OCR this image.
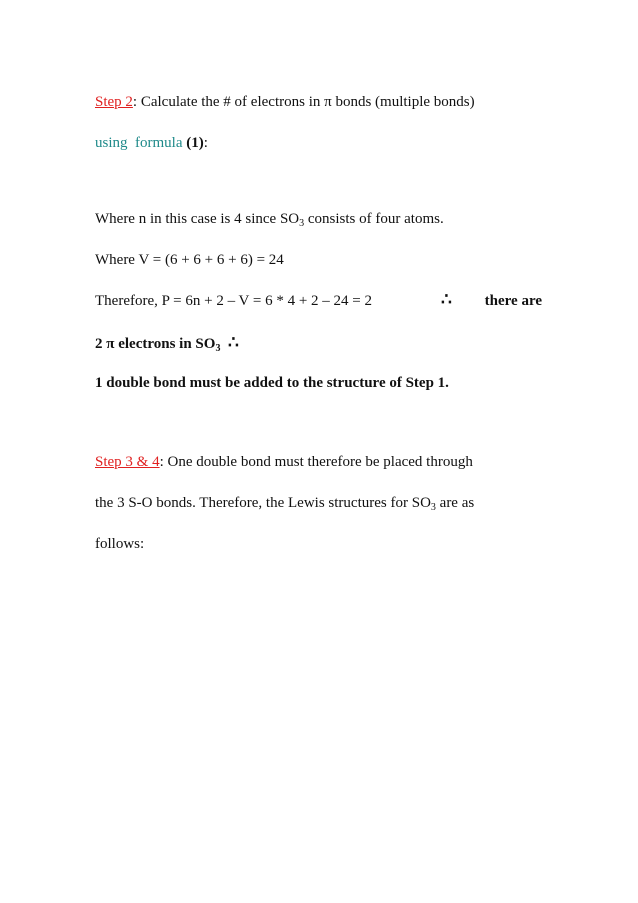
Step 2: Calculate the # of electrons in π bonds (multiple bonds)
using formula (1):
Where n in this case is 4 since $SO_3$ consists of four atoms.
Where V = (6 + 6 + 6 + 6) = 24
Therefore, P = 6n + 2 – V = 6 * 4 + 2 – 24 = 2	∴ there are
2 π electrons in $SO_3$ ∴
1 double bond must be added to the structure of Step 1.
Step 3 & 4: One double bond must therefore be placed through
the 3 S-O bonds. Therefore, the Lewis structures for $SO_3$ are as
follows:
